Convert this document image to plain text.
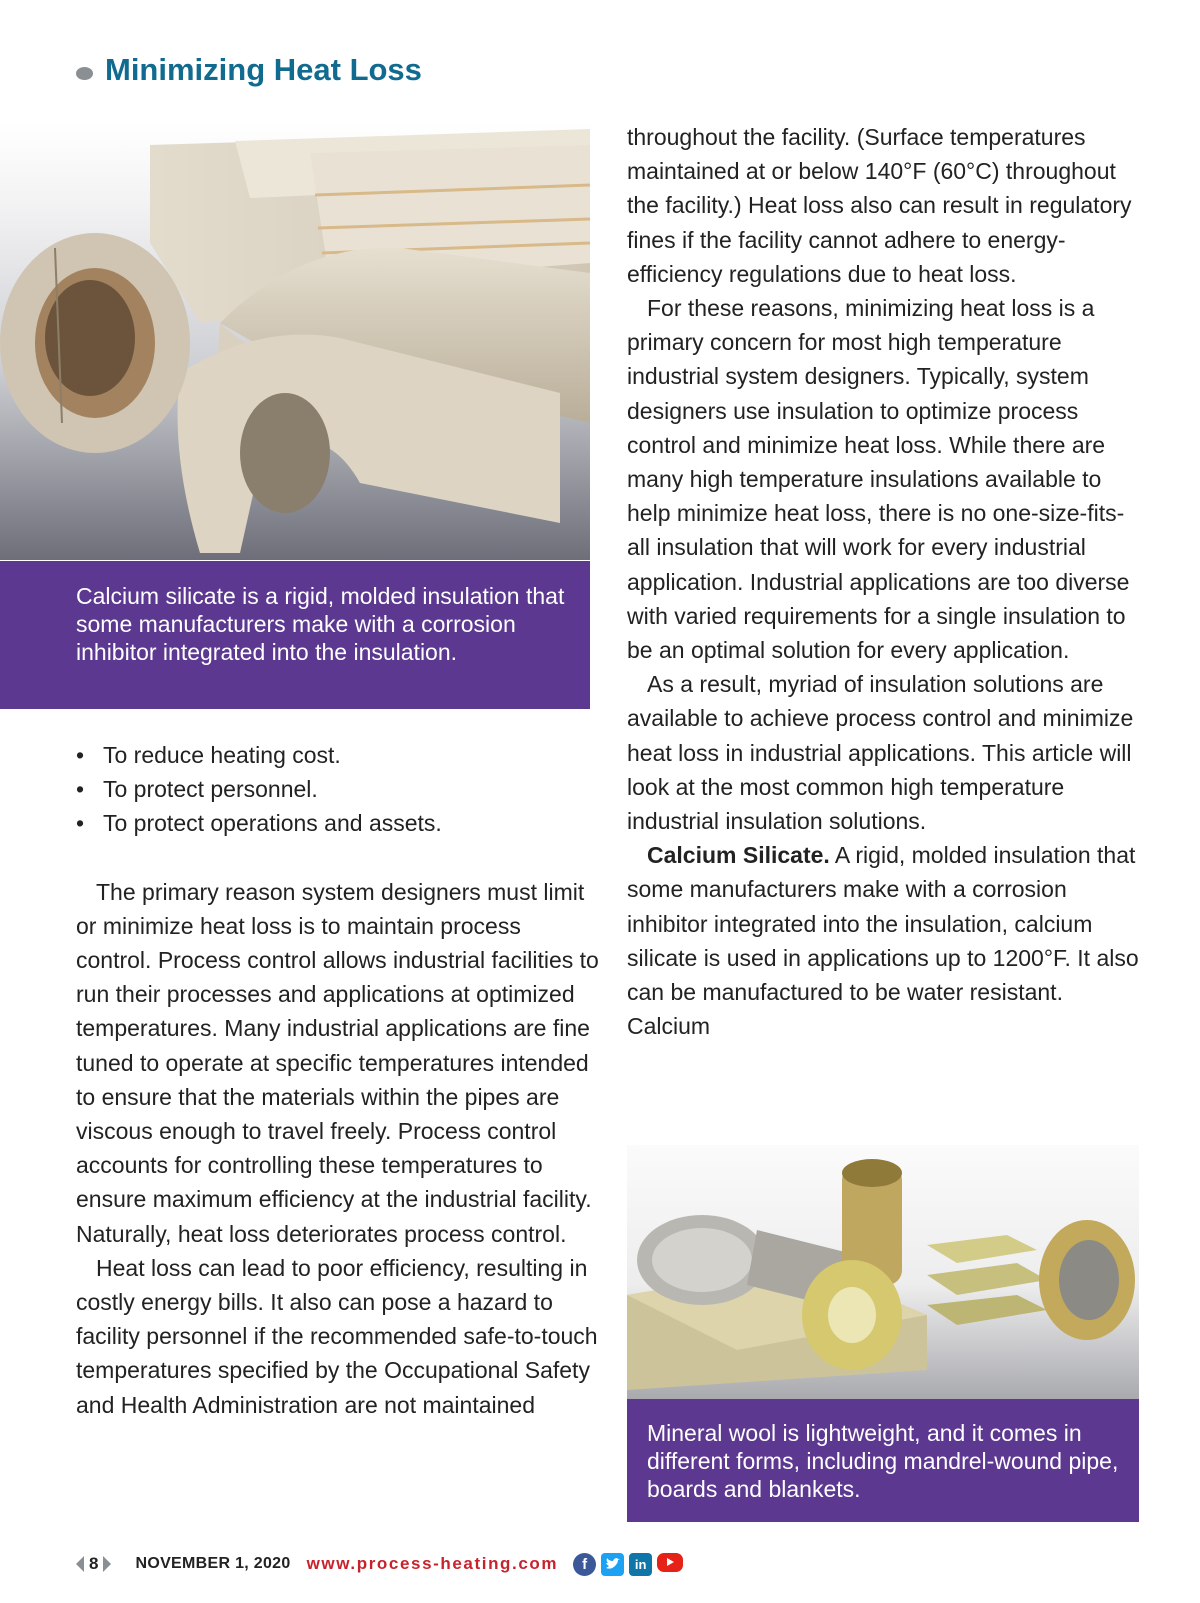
Minimizing Heat Loss
Calcium silicate is a rigid, molded insulation that some manufacturers make with a corrosion inhibitor integrated into the insulation.

throughout the facility. (Surface temperatures maintained at or below 140°F (60°C) throughout the facility.) Heat loss also can result in regulatory fines if the facility cannot adhere to energy-efficiency regulations due to heat loss.

For these reasons, minimizing heat loss is a primary concern for most high temperature industrial system designers. Typically, system designers use insulation to optimize process control and minimize heat loss. While there are many high temperature insulations available to help minimize heat loss, there is no one-size-fits-all insulation that will work for every industrial application. Industrial applications are too diverse with varied requirements for a single insulation to be an optimal solution for every application.

As a result, myriad of insulation solutions are available to achieve process control and minimize heat loss in industrial applications. This article will look at the most common high temperature industrial insulation solutions.

Calcium Silicate. A rigid, molded insulation that some manufacturers make with a corrosion inhibitor integrated into the insulation, calcium silicate is used in applications up to 1200°F. It also can be manufactured to be water resistant. Calcium

• To reduce heating cost.
• To protect personnel.
• To protect operations and assets.

The primary reason system designers must limit or minimize heat loss is to maintain process control. Process control allows industrial facilities to run their processes and applications at optimized temperatures. Many industrial applications are fine tuned to operate at specific temperatures intended to ensure that the materials within the pipes are viscous enough to travel freely. Process control accounts for controlling these temperatures to ensure maximum efficiency at the industrial facility. Naturally, heat loss deteriorates process control.

Heat loss can lead to poor efficiency, resulting in costly energy bills. It also can pose a hazard to facility personnel if the recommended safe-to-touch temperatures specified by the Occupational Safety and Health Administration are not maintained

Mineral wool is lightweight, and it comes in different forms, including mandrel-wound pipe, boards and blankets.
8 NOVEMBER 1, 2020 www.process-heating.com	f	in
